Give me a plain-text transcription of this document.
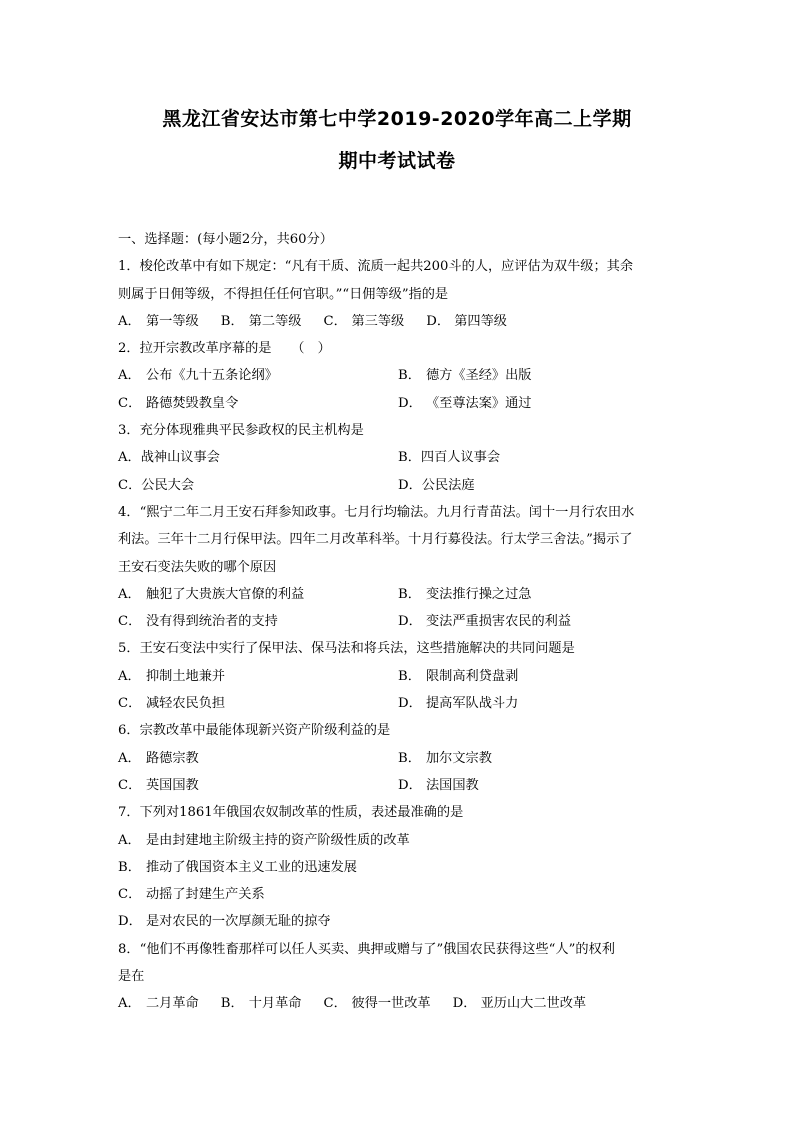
黑龙江省安达市第七中学2019-2020学年高二上学期
期中考试试卷
一、选择题：(每小题2分，共60分）
1．梭伦改革中有如下规定：“凡有干质、流质一起共200斗的人，应评估为双牛级；其余
则属于日佣等级，不得担任任何官职。”“日佣等级”指的是
A． 第一等级 B． 第二等级 C． 第三等级 D． 第四等级
2．拉开宗教改革序幕的是　　（　）
A． 公布《九十五条论纲》	B． 德方《圣经》出版
C． 路德焚毁教皇令	D． 《至尊法案》通过
3．充分体现雅典平民参政权的民主机构是
A．战神山议事会	B．四百人议事会
C．公民大会	D．公民法庭
4．“熙宁二年二月王安石拜参知政事。七月行均输法。九月行青苗法。闰十一月行农田水
利法。三年十二月行保甲法。四年二月改革科举。十月行募役法。行太学三舍法。”揭示了
王安石变法失败的哪个原因
A． 触犯了大贵族大官僚的利益	B． 变法推行操之过急
C． 没有得到统治者的支持	D． 变法严重损害农民的利益
5．王安石变法中实行了保甲法、保马法和将兵法，这些措施解决的共同问题是
A． 抑制土地兼并	B． 限制高利贷盘剥
C． 减轻农民负担	D． 提高军队战斗力
6．宗教改革中最能体现新兴资产阶级利益的是
A． 路德宗教	B． 加尔文宗教
C． 英国国教	D． 法国国教
7．下列对1861年俄国农奴制改革的性质，表述最准确的是
A． 是由封建地主阶级主持的资产阶级性质的改革
B． 推动了俄国资本主义工业的迅速发展
C． 动摇了封建生产关系
D． 是对农民的一次厚颜无耻的掠夺
8．“他们不再像牲畜那样可以任人买卖、典押或赠与了”俄国农民获得这些“人”的权利
是在
A． 二月革命 B． 十月革命 C． 彼得一世改革 D． 亚历山大二世改革
